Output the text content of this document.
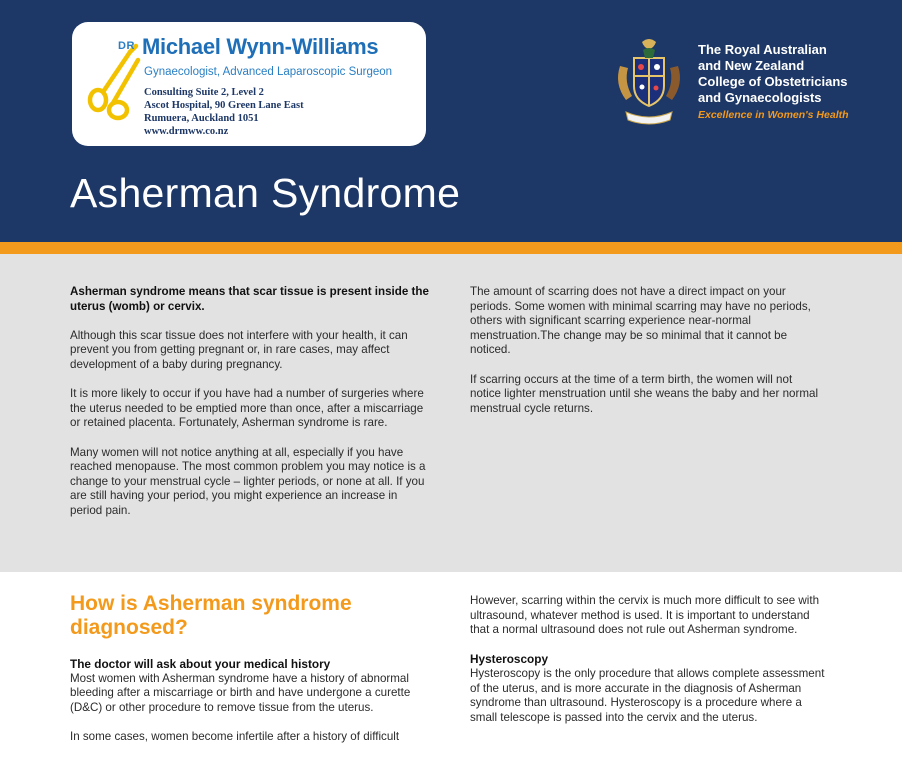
DR Michael Wynn-Williams
Gynaecologist, Advanced Laparoscopic Surgeon
Consulting Suite 2, Level 2
Ascot Hospital, 90 Green Lane East
Rumuera, Auckland 1051
www.drmww.co.nz
The Royal Australian
and New Zealand
College of Obstetricians
and Gynaecologists
Excellence in Women's Health
Asherman Syndrome

Asherman syndrome means that scar tissue is present inside the uterus (womb) or cervix.

Although this scar tissue does not interfere with your health, it can prevent you from getting pregnant or, in rare cases, may affect development of a baby during pregnancy.

It is more likely to occur if you have had a number of surgeries where the uterus needed to be emptied more than once, after a miscarriage or retained placenta. Fortunately, Asherman syndrome is rare.

Many women will not notice anything at all, especially if you have reached menopause. The most common problem you may notice is a change to your menstrual cycle – lighter periods, or none at all. If you are still having your period, you might experience an increase in period pain.

The amount of scarring does not have a direct impact on your periods. Some women with minimal scarring may have no periods, others with significant scarring experience near-normal menstruation.The change may be so minimal that it cannot be noticed.

If scarring occurs at the time of a term birth, the women will not notice lighter menstruation until she weans the baby and her normal menstrual cycle returns.

How is Asherman syndrome diagnosed?
The doctor will ask about your medical history

Most women with Asherman syndrome have a history of abnormal bleeding after a miscarriage or birth and have undergone a curette (D&C) or other procedure to remove tissue from the uterus.

In some cases, women become infertile after a history of difficult

However, scarring within the cervix is much more difficult to see with ultrasound, whatever method is used. It is important to understand that a normal ultrasound does not rule out Asherman syndrome.

Hysteroscopy

Hysteroscopy is the only procedure that allows complete assessment of the uterus, and is more accurate in the diagnosis of Asherman syndrome than ultrasound. Hysteroscopy is a procedure where a small telescope is passed into the cervix and the uterus.
